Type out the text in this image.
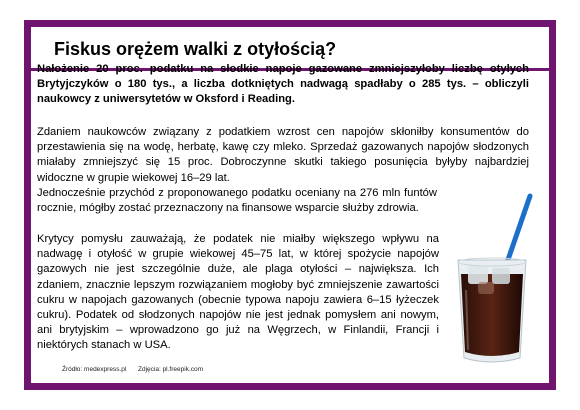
Fiskus orężem walki z otyłością?
Nałożenie 20 proc. podatku na słodkie napoje gazowane zmniejszyłoby liczbę otyłych Brytyjczyków o 180 tys., a liczba dotkniętych nadwagą spadłaby o 285 tys. – obliczyli naukowcy z uniwersytetów w Oksford i Reading.
Zdaniem naukowców związany z podatkiem wzrost cen napojów skłoniłby konsumentów do przestawienia się na wodę, herbatę, kawę czy mleko. Sprzedaż gazowanych napojów słodzonych miałaby zmniejszyć się 15 proc. Dobroczynne skutki takiego posunięcia byłyby najbardziej widoczne w grupie wiekowej 16–29 lat.
Jednocześnie przychód z proponowanego podatku oceniany na 276 mln funtów rocznie, mógłby zostać przeznaczony na finansowe wsparcie służby zdrowia.
Krytycy pomysłu zauważają, że podatek nie miałby większego wpływu na nadwagę i otyłość w grupie wiekowej 45–75 lat, w której spożycie napojów gazowych nie jest szczególnie duże, ale plaga otyłości – największa. Ich zdaniem, znacznie lepszym rozwiązaniem mogłoby być zmniejszenie zawartości cukru w napojach gazowanych (obecnie typowa napoju zawiera 6–15 łyżeczek cukru). Podatek od słodzonych napojów nie jest jednak pomysłem ani nowym, ani brytyjskim – wprowadzono go już na Węgrzech, w Finlandii, Francji i niektórych stanach w USA.
Źródło: medexpress.pl Zdjęcia: pl.freepik.com
